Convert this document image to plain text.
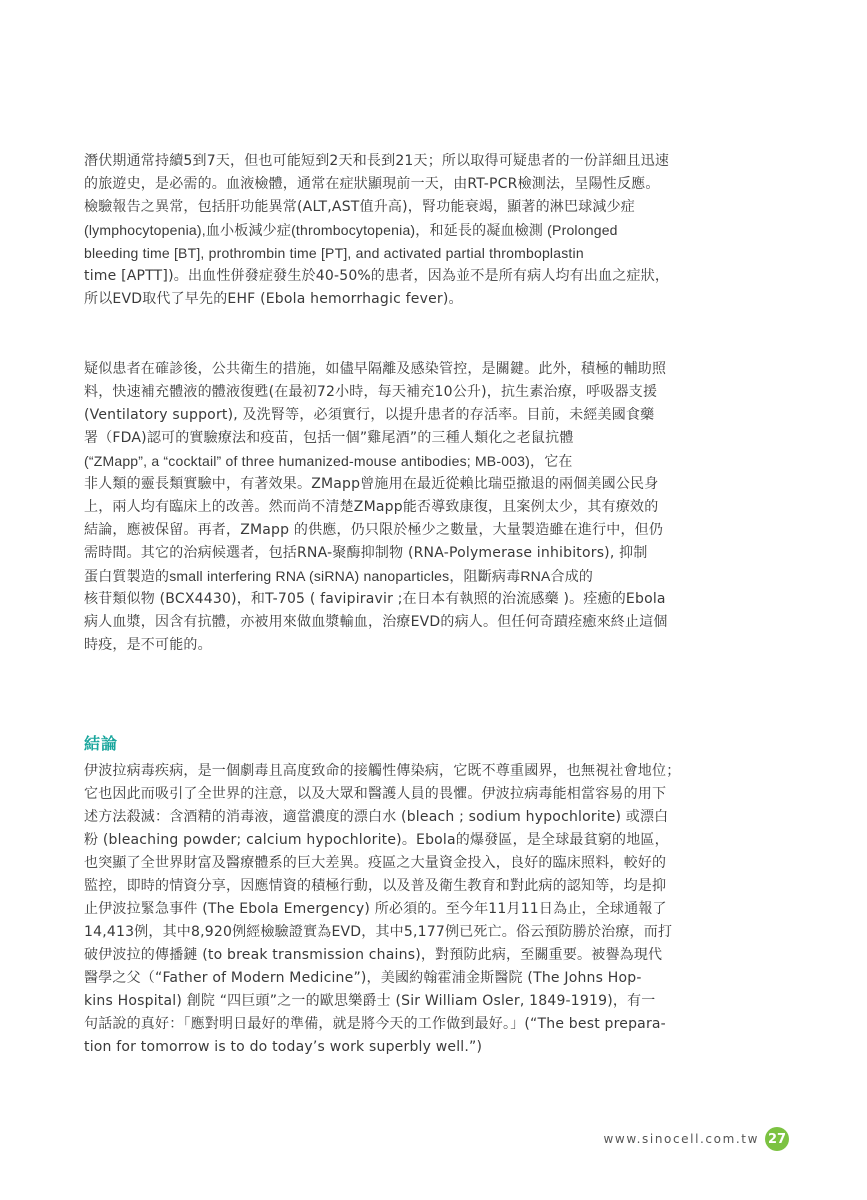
潛伏期通常持續5到7天，但也可能短到2天和長到21天；所以取得可疑患者的一份詳細且迅速
的旅遊史，是必需的。血液檢體，通常在症狀顯現前一天，由RT-PCR檢測法，呈陽性反應。
檢驗報告之異常，包括肝功能異常(ALT,AST值升高)，腎功能衰竭，顯著的淋巴球減少症
(lymphocytopenia),血小板減少症(thrombocytopenia)，和延長的凝血檢測 (Prolonged
bleeding time [BT], prothrombin time [PT], and activated partial thromboplastin
time [APTT])。出血性併發症發生於40-50%的患者，因為並不是所有病人均有出血之症狀，
所以EVD取代了早先的EHF (Ebola hemorrhagic fever)。
疑似患者在確診後，公共衛生的措施，如儘早隔離及感染管控，是關鍵。此外，積極的輔助照
料，快速補充體液的體液復甦(在最初72小時，每天補充10公升)，抗生素治療，呼吸器支援
(Ventilatory support), 及洗腎等，必須實行，以提升患者的存活率。目前，未經美國食藥
署（FDA)認可的實驗療法和疫苗，包括一個”雞尾酒”的三種人類化之老鼠抗體
(“ZMapp”, a “cocktail” of three humanized-mouse antibodies; MB-003)，它在
非人類的靈長類實驗中，有著效果。ZMapp曾施用在最近從賴比瑞亞撤退的兩個美國公民身
上，兩人均有臨床上的改善。然而尚不清楚ZMapp能否導致康復，且案例太少，其有療效的
結論，應被保留。再者，ZMapp 的供應，仍只限於極少之數量，大量製造雖在進行中，但仍
需時間。其它的治病候選者，包括RNA-聚酶抑制物 (RNA-Polymerase inhibitors), 抑制
蛋白質製造的small interfering RNA (siRNA) nanoparticles，阻斷病毒RNA合成的
核苷類似物 (BCX4430)，和T-705 ( favipiravir ;在日本有執照的治流感藥 )。痊癒的Ebola
病人血漿，因含有抗體，亦被用來做血漿輸血，治療EVD的病人。但任何奇蹟痊癒來終止這個
時疫，是不可能的。
結論
伊波拉病毒疾病，是一個劇毒且高度致命的接觸性傳染病，它既不尊重國界，也無視社會地位；
它也因此而吸引了全世界的注意，以及大眾和醫護人員的畏懼。伊波拉病毒能相當容易的用下
述方法殺滅：含酒精的消毒液，適當濃度的漂白水 (bleach ; sodium hypochlorite) 或漂白
粉 (bleaching powder; calcium hypochlorite)。Ebola的爆發區，是全球最貧窮的地區，
也突顯了全世界財富及醫療體系的巨大差異。疫區之大量資金投入，良好的臨床照料，較好的
監控，即時的情資分享，因應情資的積極行動，以及普及衛生教育和對此病的認知等，均是抑
止伊波拉緊急事件 (The Ebola Emergency) 所必須的。至今年11月11日為止，全球通報了
14,413例，其中8,920例經檢驗證實為EVD，其中5,177例已死亡。俗云預防勝於治療，而打
破伊波拉的傳播鏈 (to break transmission chains)，對預防此病，至關重要。被譽為現代
醫學之父（“Father of Modern Medicine”)，美國約翰霍浦金斯醫院 (The Johns Hop-
kins Hospital) 創院 “四巨頭”之一的歐思樂爵士 (Sir William Osler, 1849-1919)，有一
句話說的真好：「應對明日最好的準備，就是將今天的工作做到最好。」(“The best prepara-
tion for tomorrow is to do today’s work superbly well.”)
www.sinocell.com.tw 27
